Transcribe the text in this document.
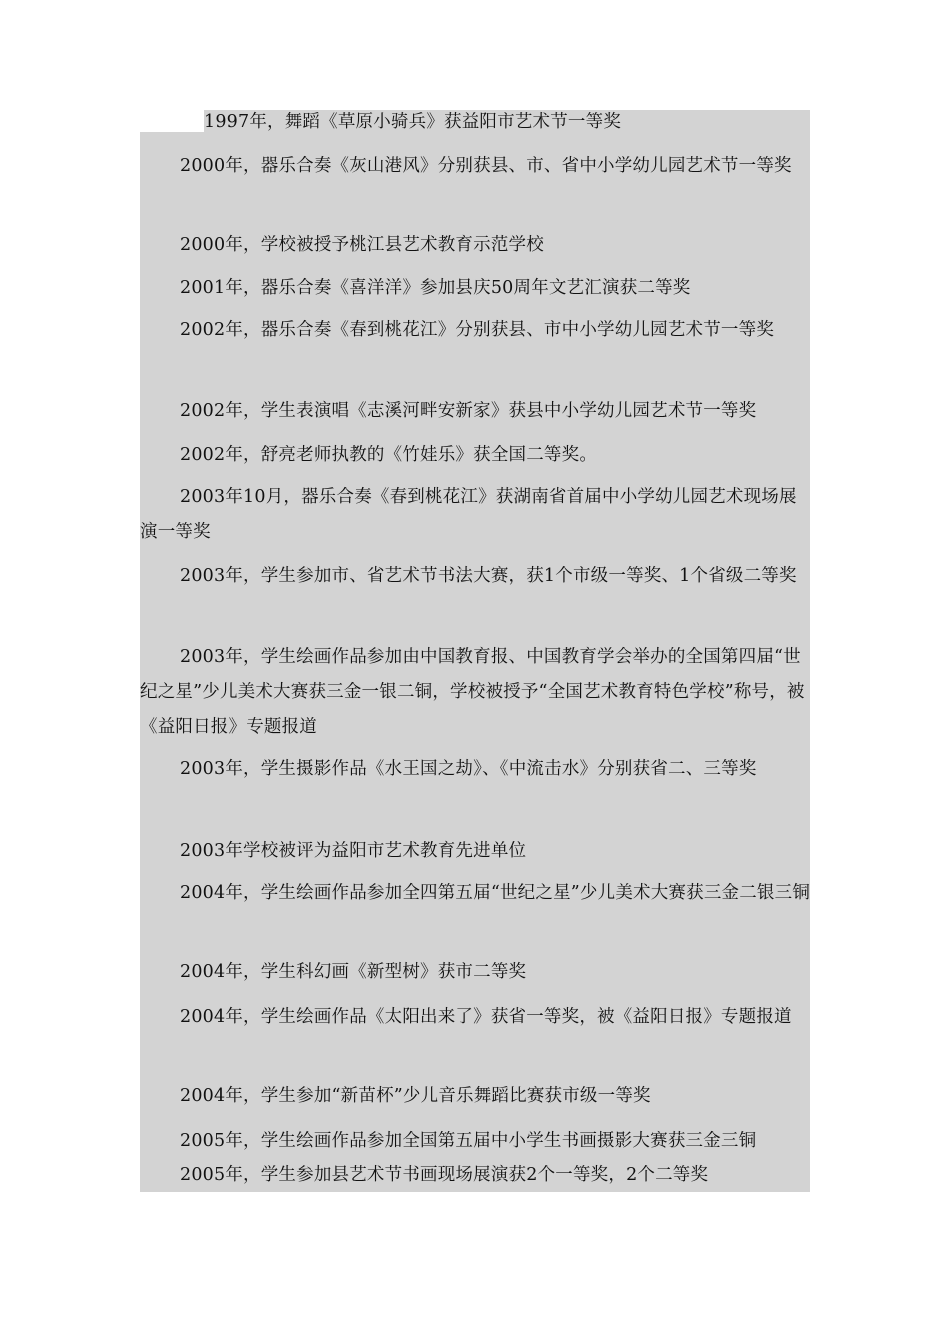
1997年，舞蹈《草原小骑兵》获益阳市艺术节一等奖

2000年，器乐合奏《灰山港风》分别获县、市、省中小学幼儿园艺术节一等奖

2000年，学校被授予桃江县艺术教育示范学校

2001年，器乐合奏《喜洋洋》参加县庆50周年文艺汇演获二等奖

2002年，器乐合奏《春到桃花江》分别获县、市中小学幼儿园艺术节一等奖

2002年，学生表演唱《志溪河畔安新家》获县中小学幼儿园艺术节一等奖

2002年，舒亮老师执教的《竹娃乐》获全国二等奖。

2003年10月，器乐合奏《春到桃花江》获湖南省首届中小学幼儿园艺术现场展演一等奖

2003年，学生参加市、省艺术节书法大赛，获1个市级一等奖、1个省级二等奖

2003年，学生绘画作品参加由中国教育报、中国教育学会举办的全国第四届“世纪之星”少儿美术大赛获三金一银二铜，学校被授予“全国艺术教育特色学校”称号，被《益阳日报》专题报道

2003年，学生摄影作品《水王国之劫》、《中流击水》分别获省二、三等奖

2003年学校被评为益阳市艺术教育先进单位

2004年，学生绘画作品参加全四第五届“世纪之星”少儿美术大赛获三金二银三铜

2004年，学生科幻画《新型树》获市二等奖

2004年，学生绘画作品《太阳出来了》获省一等奖，被《益阳日报》专题报道

2004年，学生参加“新苗杯”少儿音乐舞蹈比赛获市级一等奖

2005年，学生绘画作品参加全国第五届中小学生书画摄影大赛获三金三铜

2005年，学生参加县艺术节书画现场展演获2个一等奖，2个二等奖
